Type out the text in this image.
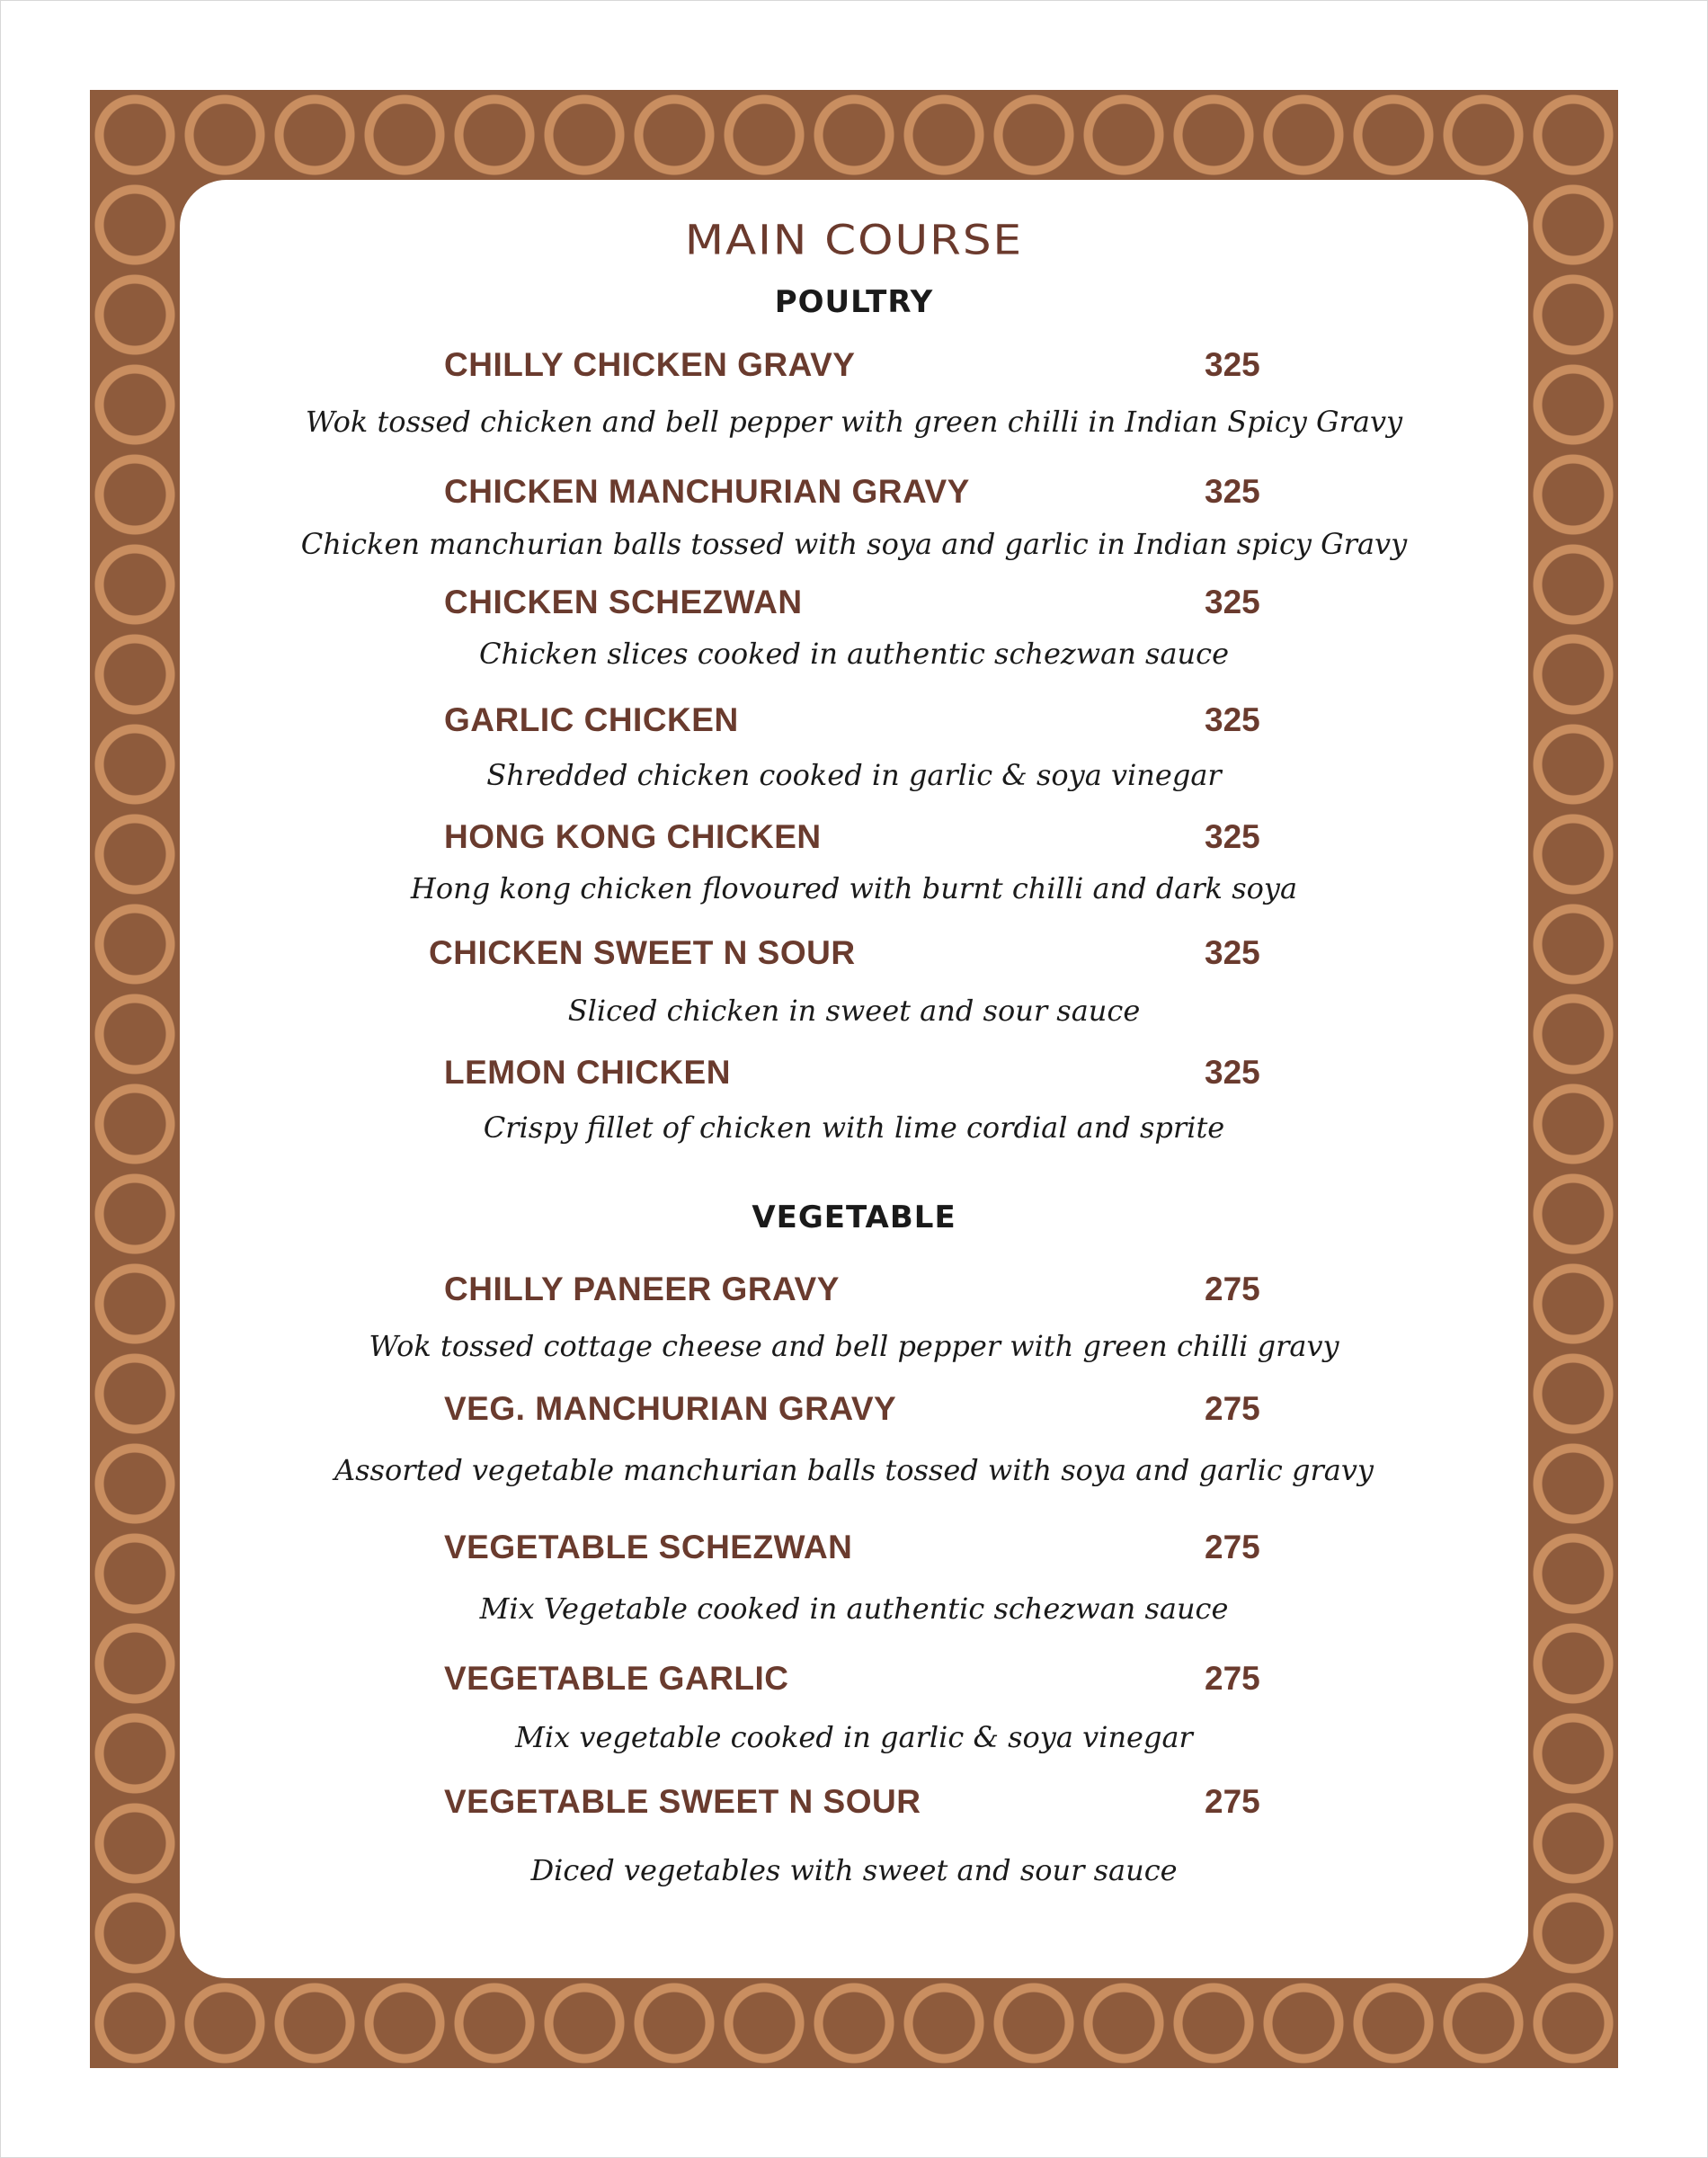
MAIN COURSE
POULTRY
CHILLY CHICKEN GRAVY	325
Wok tossed chicken and bell pepper with green chilli in Indian Spicy Gravy
CHICKEN MANCHURIAN GRAVY	325
Chicken manchurian balls tossed with soya and garlic in Indian spicy Gravy
CHICKEN SCHEZWAN	325
Chicken slices cooked in authentic schezwan sauce
GARLIC CHICKEN	325
Shredded chicken cooked in garlic & soya vinegar
HONG KONG CHICKEN	325
Hong kong chicken flovoured with burnt chilli and dark soya
CHICKEN SWEET N SOUR	325
Sliced chicken in sweet and sour sauce
LEMON CHICKEN	325
Crispy fillet of chicken with lime cordial and sprite
VEGETABLE
CHILLY PANEER GRAVY	275
Wok tossed cottage cheese and bell pepper with green chilli gravy
VEG. MANCHURIAN GRAVY	275
Assorted vegetable manchurian balls tossed with soya and garlic gravy
VEGETABLE SCHEZWAN	275
Mix Vegetable cooked in authentic schezwan sauce
VEGETABLE GARLIC	275
Mix vegetable cooked in garlic & soya vinegar
VEGETABLE SWEET N SOUR	275
Diced vegetables with sweet and sour sauce
